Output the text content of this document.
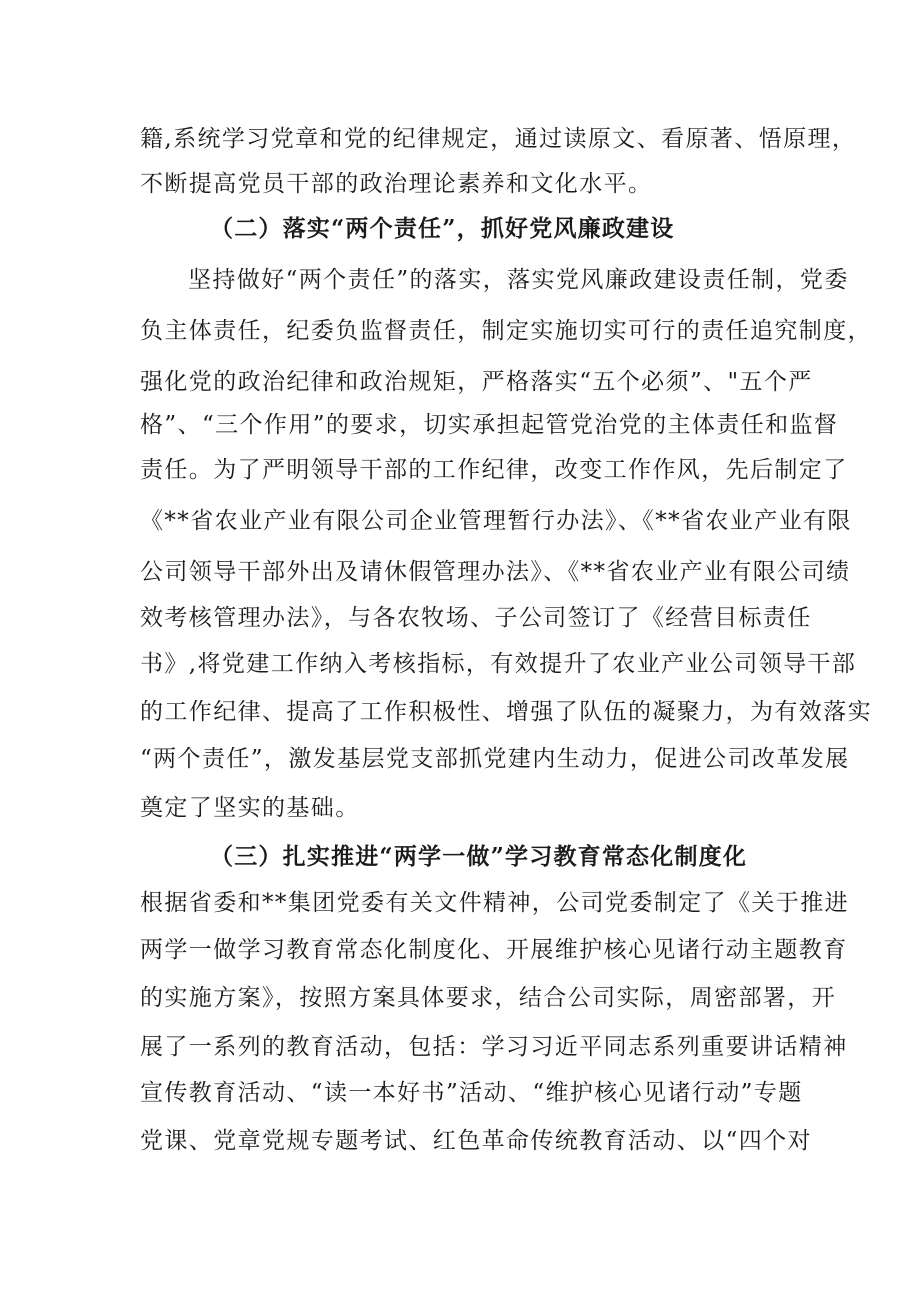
籍,系统学习党章和党的纪律规定，通过读原文、看原著、悟原理，
不断提高党员干部的政治理论素养和文化水平。
（二）落实“两个责任”，抓好党风廉政建设
坚持做好“两个责任”的落实，落实党风廉政建设责任制，党委
负主体责任，纪委负监督责任，制定实施切实可行的责任追究制度，
强化党的政治纪律和政治规矩，严格落实“五个必须”、"五个严
格”、“三个作用”的要求，切实承担起管党治党的主体责任和监督
责任。为了严明领导干部的工作纪律，改变工作作风，先后制定了
《**省农业产业有限公司企业管理暂行办法》、《**省农业产业有限
公司领导干部外出及请休假管理办法》、《**省农业产业有限公司绩
效考核管理办法》，与各农牧场、子公司签订了《经营目标责任
书》,将党建工作纳入考核指标，有效提升了农业产业公司领导干部
的工作纪律、提高了工作积极性、增强了队伍的凝聚力，为有效落实
“两个责任”，激发基层党支部抓党建内生动力，促进公司改革发展
奠定了坚实的基础。
（三）扎实推进“两学一做”学习教育常态化制度化
根据省委和**集团党委有关文件精神，公司党委制定了《关于推进
两学一做学习教育常态化制度化、开展维护核心见诸行动主题教育
的实施方案》，按照方案具体要求，结合公司实际，周密部署，开
展了一系列的教育活动，包括：学习习近平同志系列重要讲话精神
宣传教育活动、“读一本好书”活动、“维护核心见诸行动”专题
党课、党章党规专题考试、红色革命传统教育活动、以“四个对
